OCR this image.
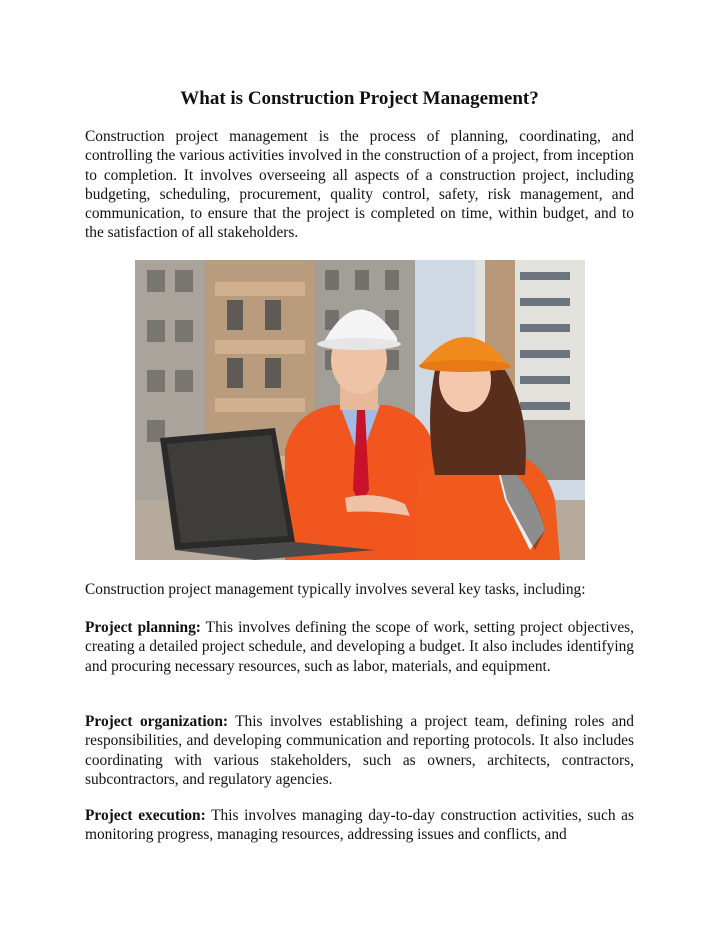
What is Construction Project Management?

Construction project management is the process of planning, coordinating, and controlling the various activities involved in the construction of a project, from inception to completion. It involves overseeing all aspects of a construction project, including budgeting, scheduling, procurement, quality control, safety, risk management, and communication, to ensure that the project is completed on time, within budget, and to the satisfaction of all stakeholders.

Construction project management typically involves several key tasks, including:

Project planning: This involves defining the scope of work, setting project objectives, creating a detailed project schedule, and developing a budget. It also includes identifying and procuring necessary resources, such as labor, materials, and equipment.

Project organization: This involves establishing a project team, defining roles and responsibilities, and developing communication and reporting protocols. It also includes coordinating with various stakeholders, such as owners, architects, contractors, subcontractors, and regulatory agencies.

Project execution: This involves managing day-to-day construction activities, such as monitoring progress, managing resources, addressing issues and conflicts, and
